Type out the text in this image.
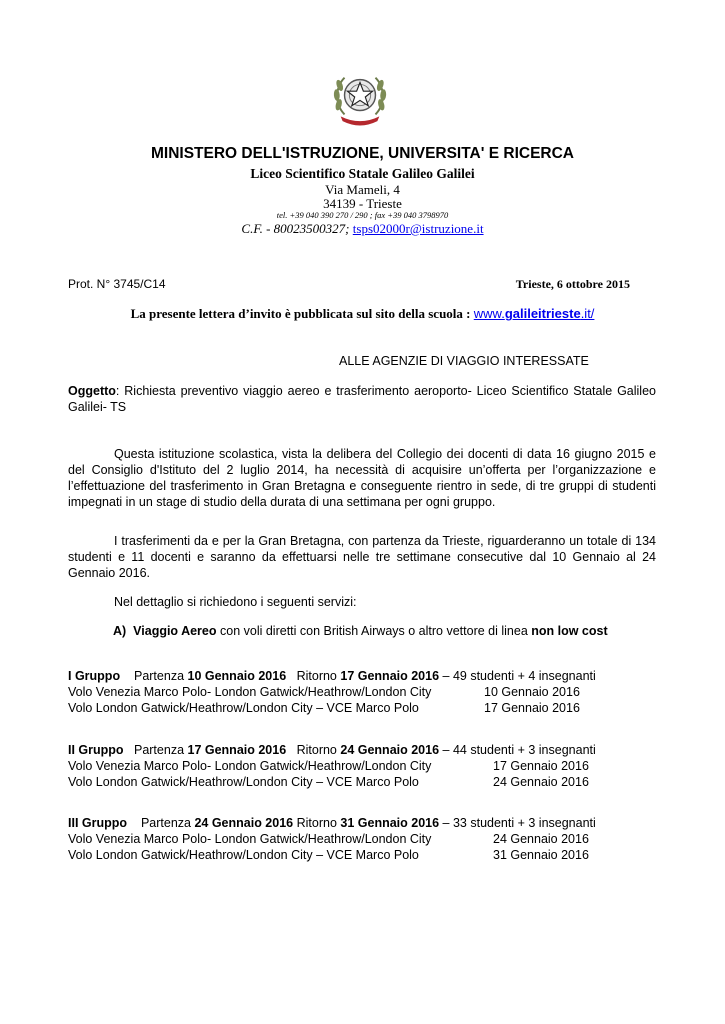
MINISTERO DELL'ISTRUZIONE, UNIVERSITA' E RICERCA
Liceo Scientifico Statale Galileo Galilei
Via Mameli, 4
34139 - Trieste
tel. +39 040 390 270 / 290 ; fax +39 040 3798970
C.F. - 80023500327; tsps02000r@istruzione.it
Prot. N° 3745/C14	Trieste, 6 ottobre 2015
La presente lettera d’invito è pubblicata sul sito della scuola : www.galileitrieste.it/
ALLE AGENZIE DI VIAGGIO INTERESSATE
Oggetto: Richiesta preventivo viaggio aereo e trasferimento aeroporto- Liceo Scientifico Statale Galileo Galilei- TS
Questa istituzione scolastica, vista la delibera del Collegio dei docenti di data 16 giugno 2015 e del Consiglio d'Istituto del 2 luglio 2014, ha necessità di acquisire un’offerta per l’organizzazione e l’effettuazione del trasferimento in Gran Bretagna e conseguente rientro in sede, di tre gruppi di studenti impegnati in un stage di studio della durata di una settimana per ogni gruppo.
I trasferimenti da e per la Gran Bretagna, con partenza da Trieste, riguarderanno un totale di 134 studenti e 11 docenti e saranno da effettuarsi nelle tre settimane consecutive dal 10 Gennaio al 24 Gennaio 2016.
Nel dettaglio si richiedono i seguenti servizi:
A) Viaggio Aereo con voli diretti con British Airways o altro vettore di linea non low cost
I Gruppo Partenza 10 Gennaio 2016 Ritorno 17 Gennaio 2016 – 49 studenti + 4 insegnanti
Volo Venezia Marco Polo- London Gatwick/Heathrow/London City	10 Gennaio 2016
Volo London Gatwick/Heathrow/London City – VCE Marco Polo	17 Gennaio 2016
II Gruppo Partenza 17 Gennaio 2016 Ritorno 24 Gennaio 2016 – 44 studenti + 3 insegnanti
Volo Venezia Marco Polo- London Gatwick/Heathrow/London City	17 Gennaio 2016
Volo London Gatwick/Heathrow/London City – VCE Marco Polo	24 Gennaio 2016
III Gruppo Partenza 24 Gennaio 2016 Ritorno 31 Gennaio 2016 – 33 studenti + 3 insegnanti
Volo Venezia Marco Polo- London Gatwick/Heathrow/London City	24 Gennaio 2016
Volo London Gatwick/Heathrow/London City – VCE Marco Polo	31 Gennaio 2016
